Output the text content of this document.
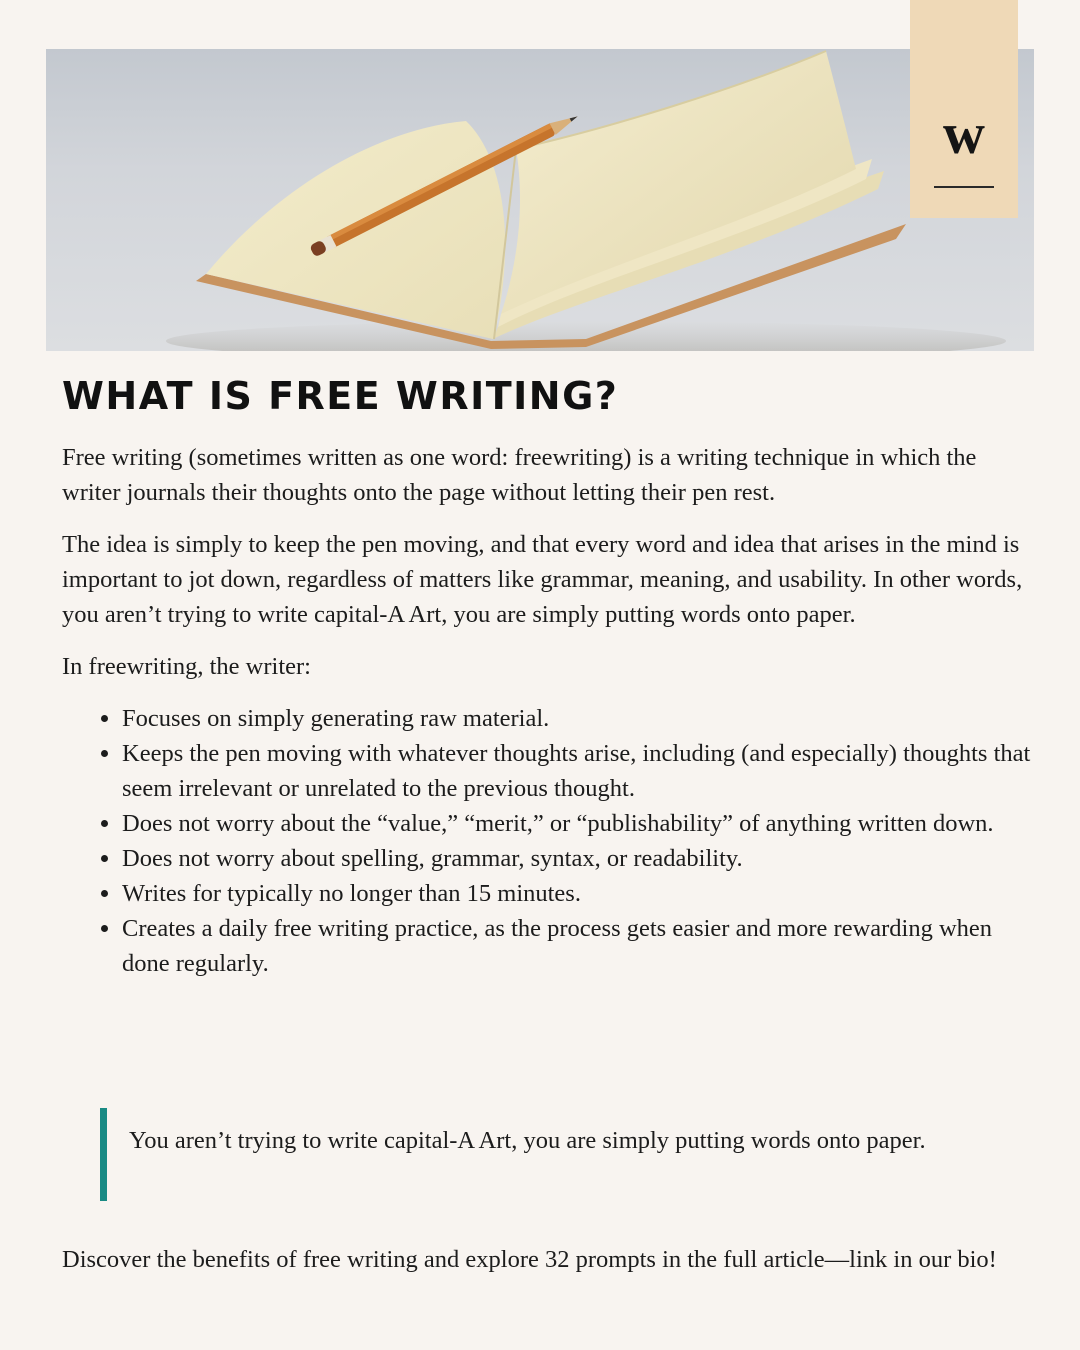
w
WHAT IS FREE WRITING?

Free writing (sometimes written as one word: freewriting) is a writing technique in which the writer journals their thoughts onto the page without letting their pen rest.

The idea is simply to keep the pen moving, and that every word and idea that arises in the mind is important to jot down, regardless of matters like grammar, meaning, and usability. In other words, you aren’t trying to write capital-A Art, you are simply putting words onto paper.

In freewriting, the writer:

• Focuses on simply generating raw material.
• Keeps the pen moving with whatever thoughts arise, including (and especially) thoughts that seem irrelevant or unrelated to the previous thought.
• Does not worry about the “value,” “merit,” or “publishability” of anything written down.
• Does not worry about spelling, grammar, syntax, or readability.
• Writes for typically no longer than 15 minutes.
• Creates a daily free writing practice, as the process gets easier and more rewarding when done regularly.
You aren’t trying to write capital-A Art, you are simply putting words onto paper.

Discover the benefits of free writing and explore 32 prompts in the full article—link in our bio!
